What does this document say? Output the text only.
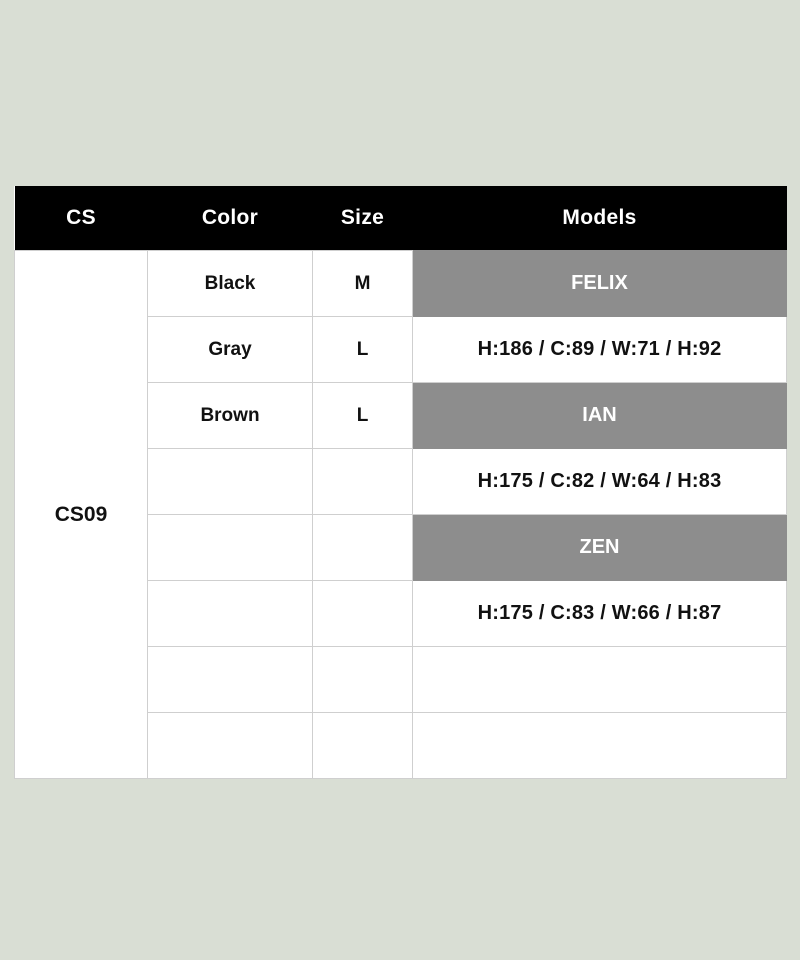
CS	Color	Size	Models
CS09	Black	M	FELIX
	Gray	L	H:186 / C:89 / W:71 / H:92
	Brown	L	IAN
			H:175 / C:82 / W:64 / H:83
			ZEN
			H:175 / C:83 / W:66 / H:87
